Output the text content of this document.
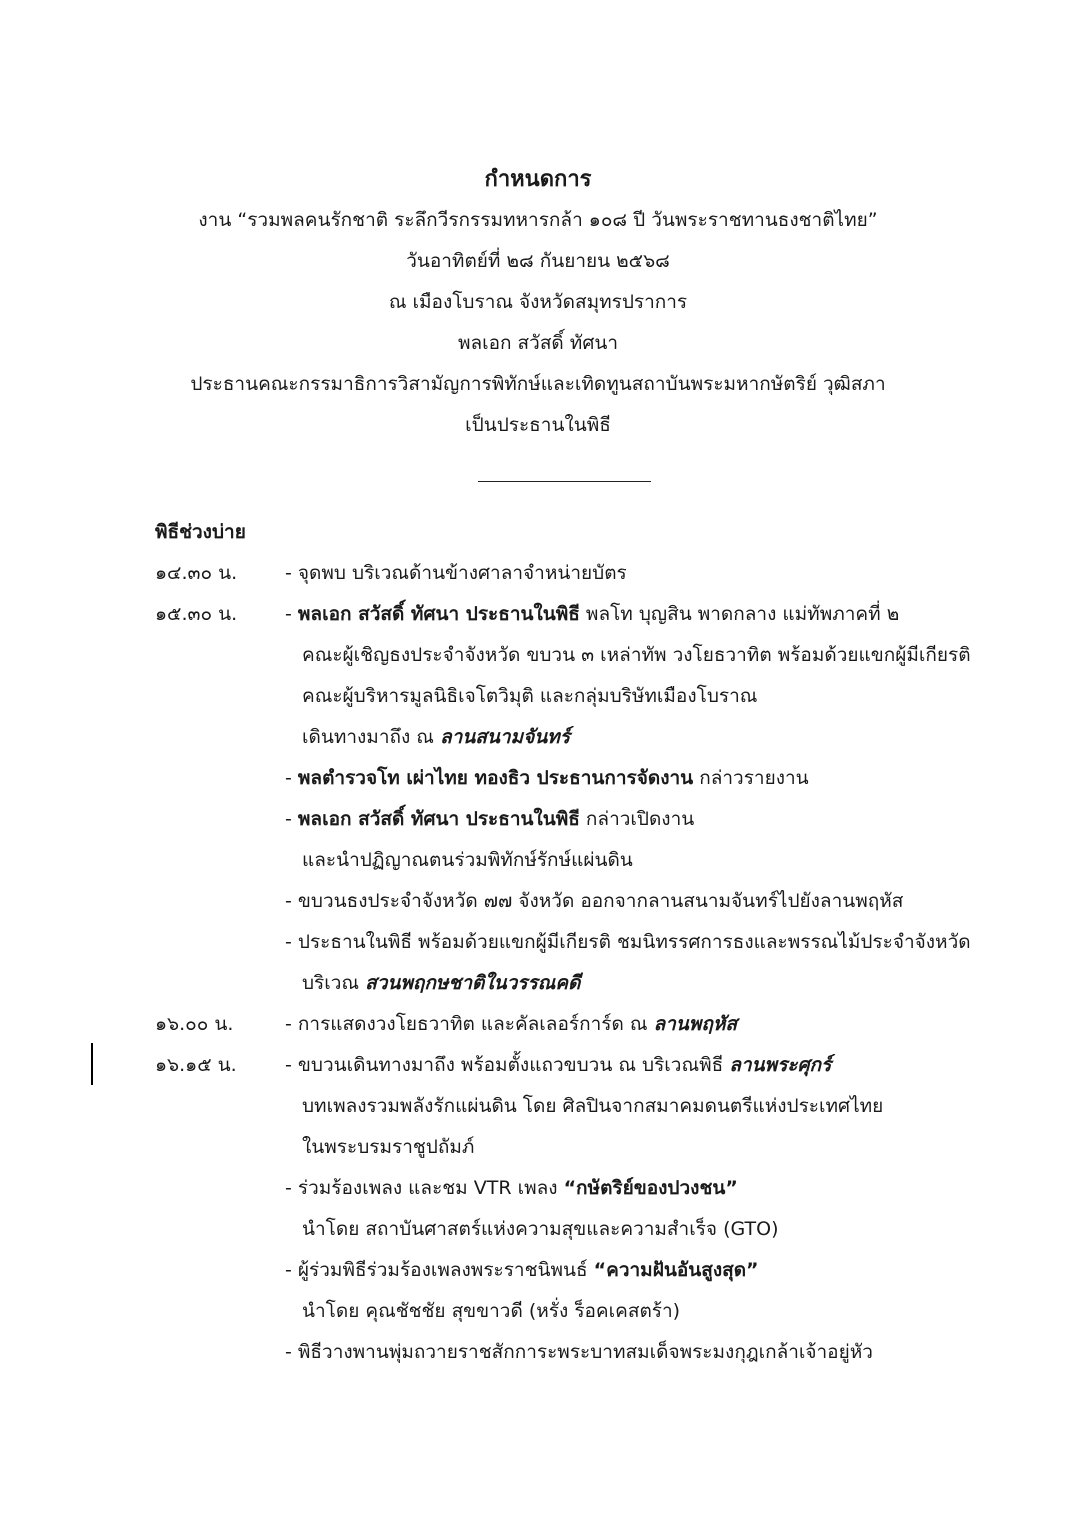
กำหนดการ
งาน “รวมพลคนรักชาติ ระลึกวีรกรรมทหารกล้า ๑๐๘ ปี วันพระราชทานธงชาติไทย”
วันอาทิตย์ที่ ๒๘ กันยายน ๒๕๖๘
ณ เมืองโบราณ จังหวัดสมุทรปราการ
พลเอก สวัสดิ์ ทัศนา
ประธานคณะกรรมาธิการวิสามัญการพิทักษ์และเทิดทูนสถาบันพระมหากษัตริย์ วุฒิสภา
เป็นประธานในพิธี
พิธีช่วงบ่าย
๑๔.๓๐ น.	- จุดพบ บริเวณด้านข้างศาลาจำหน่ายบัตร
๑๕.๓๐ น.	- พลเอก สวัสดิ์ ทัศนา ประธานในพิธี พลโท บุญสิน พาดกลาง แม่ทัพภาคที่ ๒
คณะผู้เชิญธงประจำจังหวัด ขบวน ๓ เหล่าทัพ วงโยธวาทิต พร้อมด้วยแขกผู้มีเกียรติ
คณะผู้บริหารมูลนิธิเจโตวิมุติ และกลุ่มบริษัทเมืองโบราณ
เดินทางมาถึง ณ ลานสนามจันทร์
- พลตำรวจโท เผ่าไทย ทองธิว ประธานการจัดงาน กล่าวรายงาน
- พลเอก สวัสดิ์ ทัศนา ประธานในพิธี กล่าวเปิดงาน
และนำปฏิญาณตนร่วมพิทักษ์รักษ์แผ่นดิน
- ขบวนธงประจำจังหวัด ๗๗ จังหวัด ออกจากลานสนามจันทร์ไปยังลานพฤหัส
- ประธานในพิธี พร้อมด้วยแขกผู้มีเกียรติ ชมนิทรรศการธงและพรรณไม้ประจำจังหวัด
บริเวณ สวนพฤกษชาติในวรรณคดี
๑๖.๐๐ น.	- การแสดงวงโยธวาทิต และคัลเลอร์การ์ด ณ ลานพฤหัส
๑๖.๑๕ น.	- ขบวนเดินทางมาถึง พร้อมตั้งแถวขบวน ณ บริเวณพิธี ลานพระศุกร์
บทเพลงรวมพลังรักแผ่นดิน โดย ศิลปินจากสมาคมดนตรีแห่งประเทศไทย
ในพระบรมราชูปถัมภ์
- ร่วมร้องเพลง และชม VTR เพลง “กษัตริย์ของปวงชน”
นำโดย สถาบันศาสตร์แห่งความสุขและความสำเร็จ (GTO)
- ผู้ร่วมพิธีร่วมร้องเพลงพระราชนิพนธ์ “ความฝันอันสูงสุด”
นำโดย คุณชัชชัย สุขขาวดี (หรั่ง ร็อคเคสตร้า)
- พิธีวางพานพุ่มถวายราชสักการะพระบาทสมเด็จพระมงกุฎเกล้าเจ้าอยู่หัว
